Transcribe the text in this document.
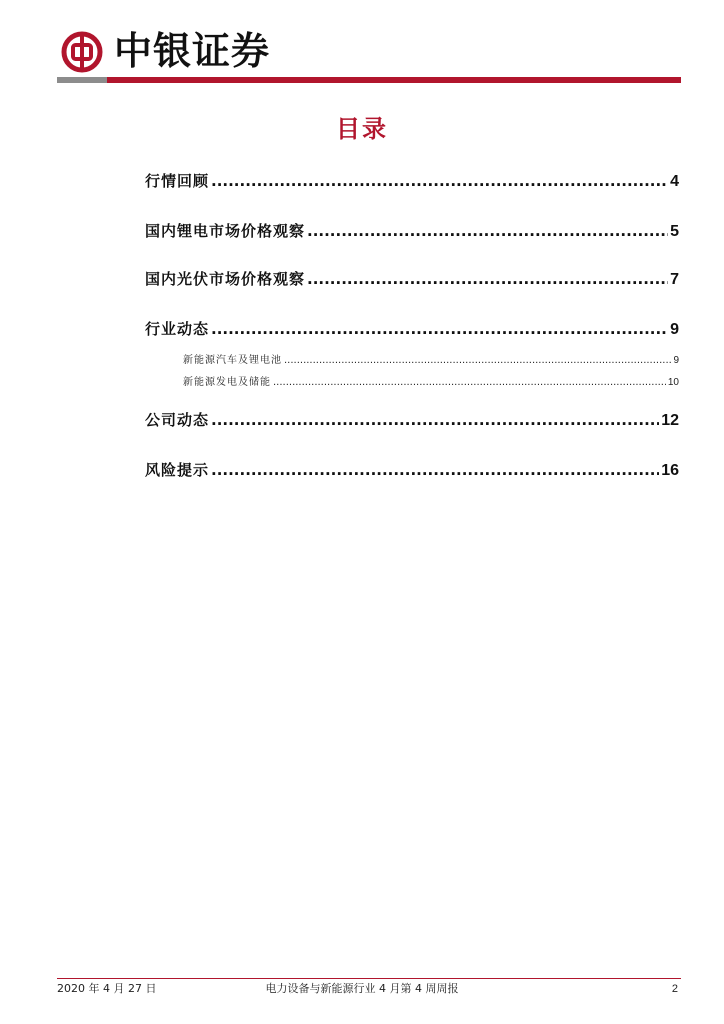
中银证券
目录
行情回顾 .....	4
国内锂电市场价格观察 .....	5
国内光伏市场价格观察 .....	7
行业动态 .....	9
新能源汽车及锂电池 .....	9
新能源发电及储能 .....	10
公司动态 .....	12
风险提示 .....	16
2020 年 4 月 27 日	电力设备与新能源行业 4 月第 4 周周报	2
